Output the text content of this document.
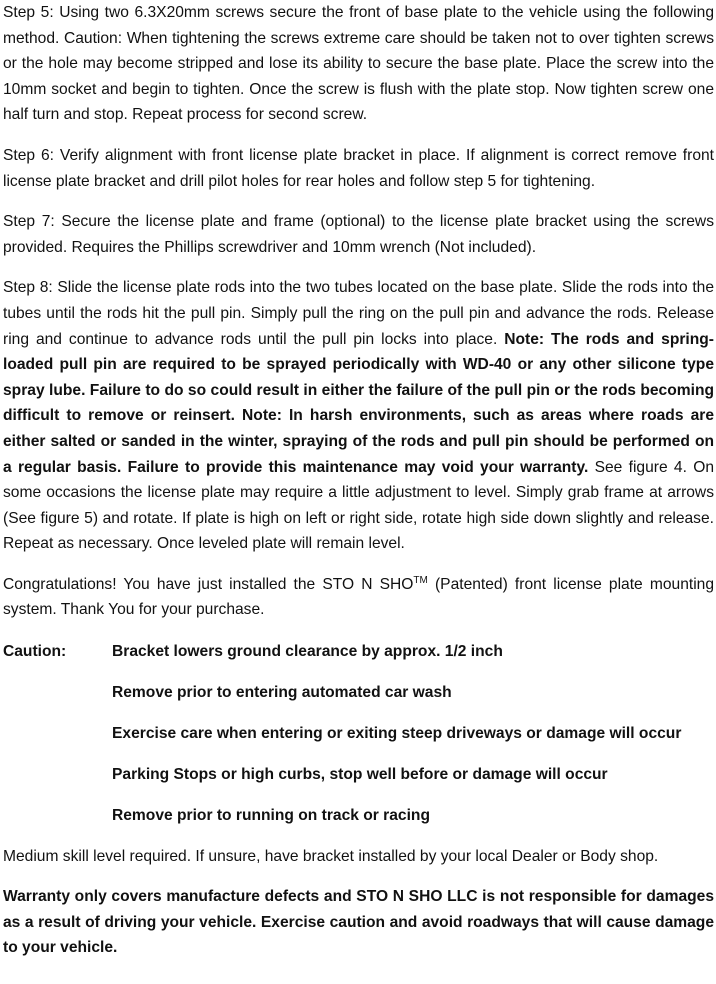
Step 5: Using two 6.3X20mm screws secure the front of base plate to the vehicle using the following method. Caution: When tightening the screws extreme care should be taken not to over tighten screws or the hole may become stripped and lose its ability to secure the base plate. Place the screw into the 10mm socket and begin to tighten. Once the screw is flush with the plate stop. Now tighten screw one half turn and stop. Repeat process for second screw.

Step 6: Verify alignment with front license plate bracket in place. If alignment is correct remove front license plate bracket and drill pilot holes for rear holes and follow step 5 for tightening.

Step 7: Secure the license plate and frame (optional) to the license plate bracket using the screws provided. Requires the Phillips screwdriver and 10mm wrench (Not included).

Step 8: Slide the license plate rods into the two tubes located on the base plate. Slide the rods into the tubes until the rods hit the pull pin. Simply pull the ring on the pull pin and advance the rods. Release ring and continue to advance rods until the pull pin locks into place. Note: The rods and spring-loaded pull pin are required to be sprayed periodically with WD-40 or any other silicone type spray lube. Failure to do so could result in either the failure of the pull pin or the rods becoming difficult to remove or reinsert. Note: In harsh environments, such as areas where roads are either salted or sanded in the winter, spraying of the rods and pull pin should be performed on a regular basis. Failure to provide this maintenance may void your warranty. See figure 4. On some occasions the license plate may require a little adjustment to level. Simply grab frame at arrows (See figure 5) and rotate. If plate is high on left or right side, rotate high side down slightly and release. Repeat as necessary. Once leveled plate will remain level.

Congratulations! You have just installed the STO N SHO™ (Patented) front license plate mounting system. Thank You for your purchase.

Caution:	Bracket lowers ground clearance by approx. 1/2 inch
Remove prior to entering automated car wash
Exercise care when entering or exiting steep driveways or damage will occur
Parking Stops or high curbs, stop well before or damage will occur
Remove prior to running on track or racing

Medium skill level required. If unsure, have bracket installed by your local Dealer or Body shop.

Warranty only covers manufacture defects and STO N SHO LLC is not responsible for damages as a result of driving your vehicle. Exercise caution and avoid roadways that will cause damage to your vehicle.
